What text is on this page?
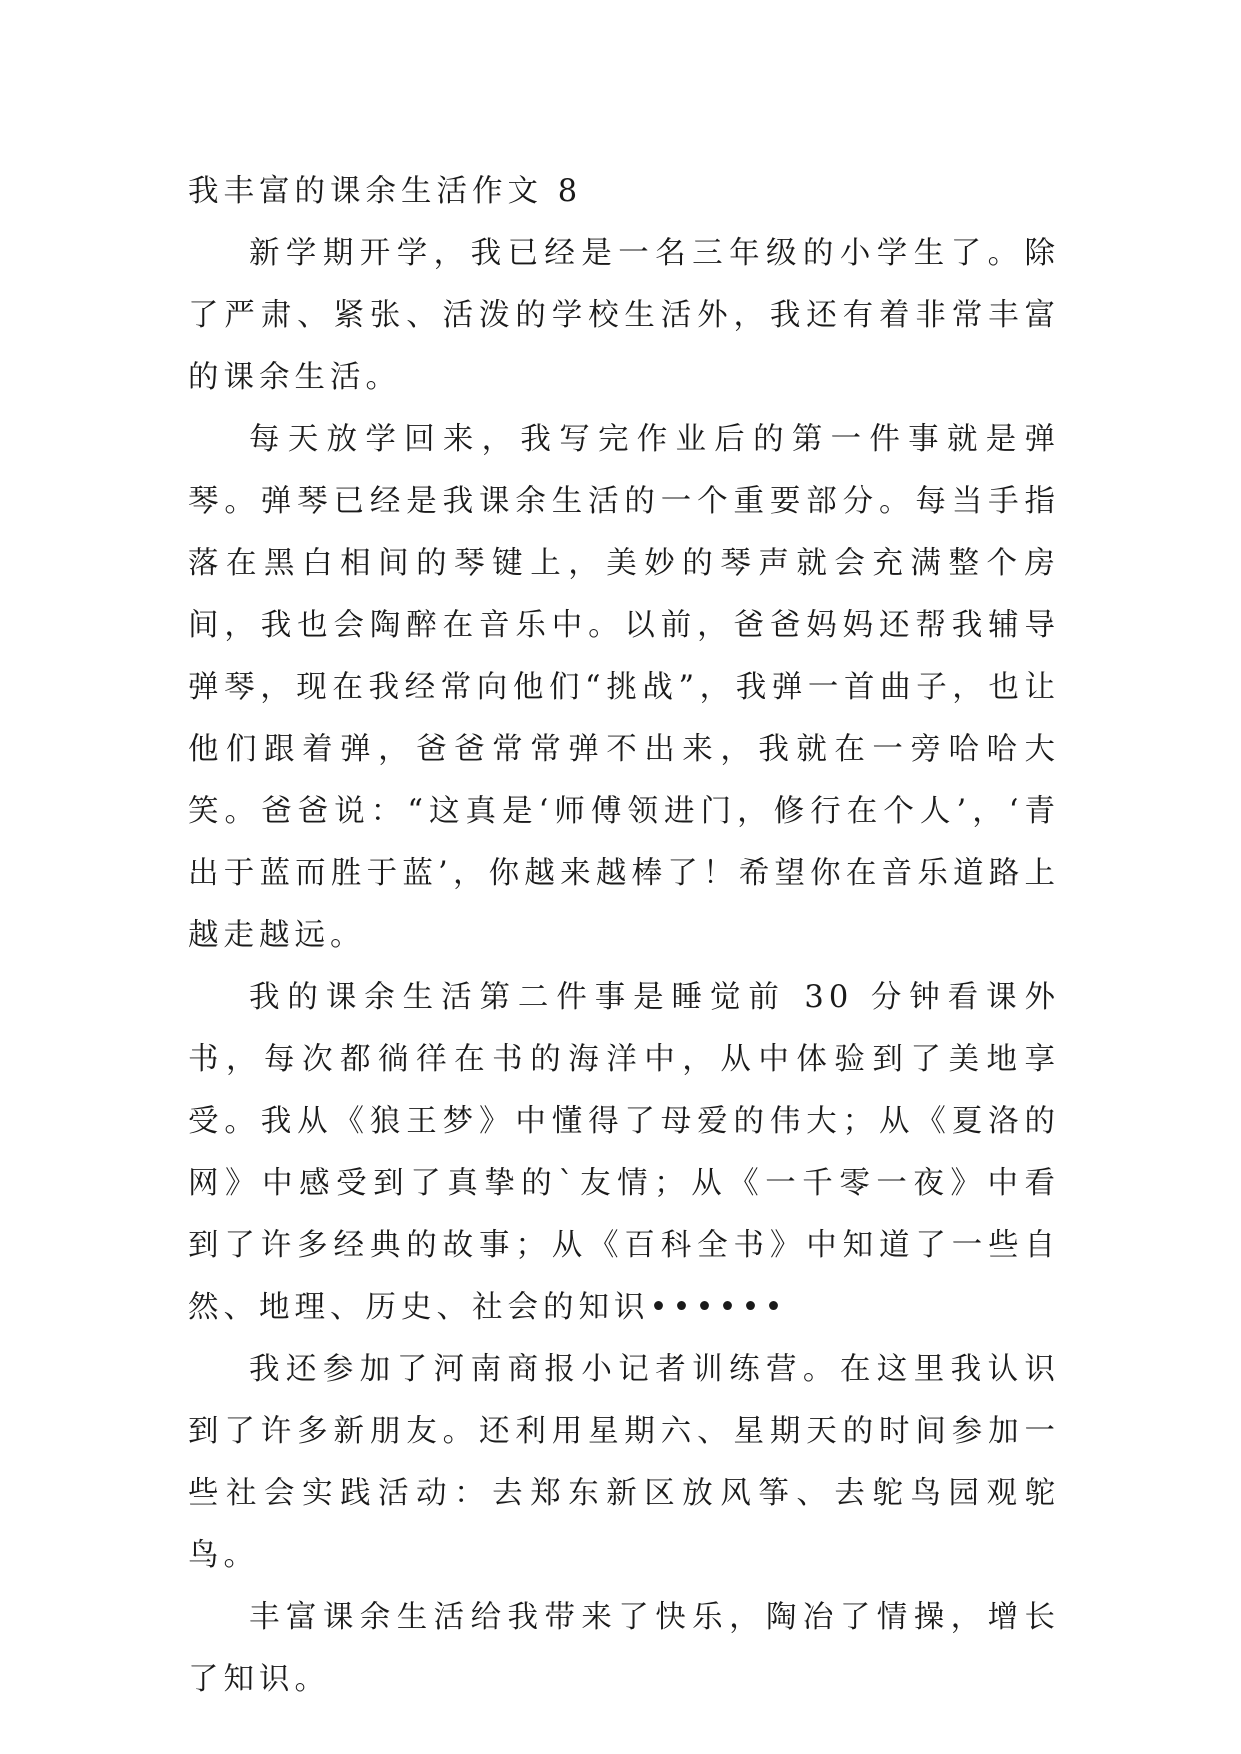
我丰富的课余生活作文 8

新学期开学，我已经是一名三年级的小学生了。除了严肃、紧张、活泼的学校生活外，我还有着非常丰富的课余生活。

每天放学回来，我写完作业后的第一件事就是弹琴。弹琴已经是我课余生活的一个重要部分。每当手指落在黑白相间的琴键上，美妙的琴声就会充满整个房间，我也会陶醉在音乐中。以前，爸爸妈妈还帮我辅导弹琴，现在我经常向他们“挑战”，我弹一首曲子，也让他们跟着弹，爸爸常常弹不出来，我就在一旁哈哈大笑。爸爸说：“这真是‘师傅领进门，修行在个人’，‘青出于蓝而胜于蓝’，你越来越棒了！希望你在音乐道路上越走越远。

我的课余生活第二件事是睡觉前 30 分钟看课外书，每次都徜徉在书的海洋中，从中体验到了美地享受。我从《狼王梦》中懂得了母爱的伟大；从《夏洛的网》中感受到了真挚的`友情；从《一千零一夜》中看到了许多经典的故事；从《百科全书》中知道了一些自然、地理、历史、社会的知识••••••

我还参加了河南商报小记者训练营。在这里我认识到了许多新朋友。还利用星期六、星期天的时间参加一些社会实践活动：去郑东新区放风筝、去鸵鸟园观鸵鸟。

丰富课余生活给我带来了快乐，陶冶了情操，增长了知识。
